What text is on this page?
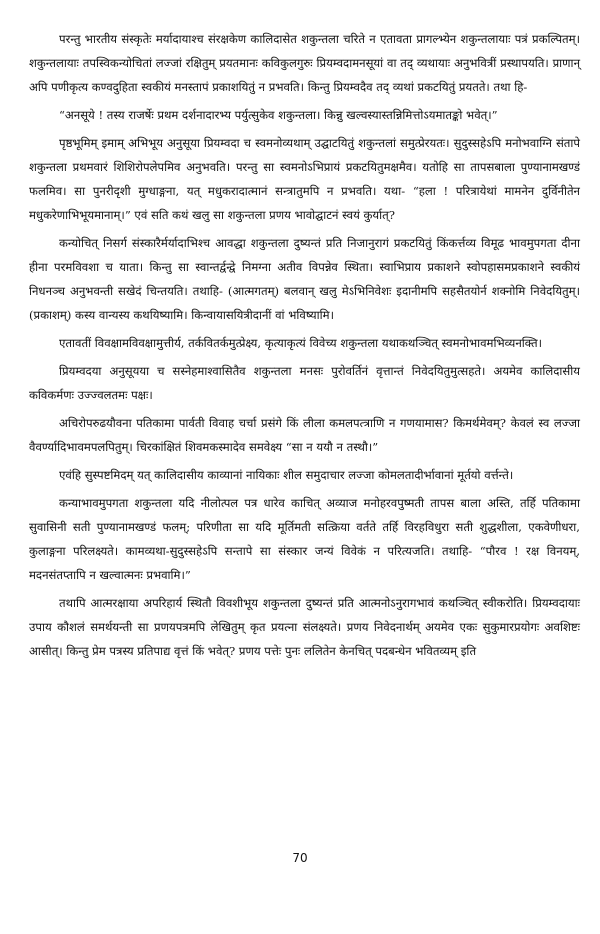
परन्तु भारतीय संस्कृतेः मर्यादायाश्च संरक्षकेण कालिदासेत शकुन्तला चरिते न एतावता प्रागल्भ्येन शकुन्तलायाः पत्रं प्रकल्पितम्। शकुन्तलायाः तपस्विकन्योचितां लज्जां रक्षितुम् प्रयतमानः कविकुलगुरुः प्रियम्वदामनसूयां वा तद् व्यथायाः अनुभवित्रीं प्रस्थापयति। प्राणान् अपि पणीकृत्य कण्वदुहिता स्वकीयं मनस्तापं प्रकाशयितुं न प्रभवति। किन्तु प्रियम्वदैव तद् व्यथां प्रकटयितुं प्रयतते। तथा हि-

“अनसूये ! तस्य राजर्षेः प्रथम दर्शनादारभ्य पर्युत्सुकेव शकुन्तला। किन्नु खल्वस्यास्तन्निमित्तोऽयमातङ्को भवेत्।”

पृष्ठभूमिम् इमाम् अभिभूय अनुसूया प्रियम्वदा च स्वमनोव्यथाम् उद्घाटयितुं शकुन्तलां समुत्प्रेरयतः। सुदुस्सहेऽपि मनोभवाग्नि संतापे शकुन्तला प्रथमवारं शिशिरोपलेपमिव अनुभवति। परन्तु सा स्वमनोऽभिप्रायं प्रकटयितुमक्षमैव। यतोहि सा तापसबाला पुण्यानामखण्डं फलमिव। सा पुनरीदृशी मुग्धाङ्गना, यत् मधुकरादात्मानं सन्त्रातुमपि न प्रभवति। यथा- “हला ! परित्रायेथां मामनेन दुर्विनीतेन मधुकरेणाभिभूयमानाम्।” एवं सति कथं खलु सा शकुन्तला प्रणय भावोद्घाटनं स्वयं कुर्यात्?

कन्योचित् निसर्ग संस्कारैर्मर्यादाभिश्च आवद्धा शकुन्तला दुष्यन्तं प्रति निजानुरागं प्रकटयितुं किंकर्त्तव्य विमूढ भावमुपगता दीना हीना परमविवशा च याता। किन्तु सा स्वान्तर्द्वन्द्वे निमग्ना अतीव विपन्नेव स्थिता। स्वाभिप्राय प्रकाशने स्वोपहासमप्रकाशने स्वकीयं निधनञ्च अनुभवन्ती सखेदं चिन्तयति। तथाहि- (आत्मगतम्) बलवान् खलु मेऽभिनिवेशः इदानीमपि सहसैतयोर्न शक्नोमि निवेदयितुम्। (प्रकाशम्) कस्य वान्यस्य कथयिष्यामि। किन्वायासयित्रीदानीं वां भविष्यामि।

एतावतीं विवक्षामविवक्षामुत्तीर्य, तर्कवितर्कमुत्प्रेक्ष्य, कृत्याकृत्यं विवेच्य शकुन्तला यथाकथञ्चित् स्वमनोभावमभिव्यनक्ति।

प्रियम्वदया अनुसूयया च सस्नेहमाश्वासितैव शकुन्तला मनसः पुरोवर्तिनं वृत्तान्तं निवेदयितुमुत्सहते। अयमेव कालिदासीय कविकर्मणः उज्ज्वलतमः पक्षः।

अचिरोपरुढयौवना पतिकामा पार्वती विवाह चर्चा प्रसंगे किं लीला कमलपत्त्राणि न गणयामास? किमर्थमेवम्? केवलं स्व लज्जा वैवर्ण्यादिभावमपलपितुम्। चिरकांक्षितं शिवमकस्मादेव समवेक्ष्य “सा न ययौ न तस्थौ।”

एवंहि सुस्पष्टमिदम् यत् कालिदासीय काव्यानां नायिकाः शील समुदाचार लज्जा कोमलतादीर्भावानां मूर्तयो वर्त्तन्ते।

कन्याभावमुपगता शकुन्तला यदि नीलोत्पल पत्र धारेव काचित् अव्याज मनोहरवपुष्मती तापस बाला अस्ति, तर्हि पतिकामा सुवासिनी सती पुण्यानामखण्डं फलम्; परिणीता सा यदि मूर्तिमती सत्क्रिया वर्तते तर्हि विरहविधुरा सती शुद्धशीला, एकवेणीधरा, कुलाङ्गना परिलक्ष्यते। कामव्यथा-सुदुस्सहेऽपि सन्तापे सा संस्कार जन्यं विवेकं न परित्यजति। तथाहि- “पौरव ! रक्ष विनयम्, मदनसंतप्तापि न खल्वात्मनः प्रभवामि।”

तथापि आत्मरक्षाया अपरिहार्य स्थितौ विवशीभूय शकुन्तला दुष्यन्तं प्रति आत्मनोऽनुरागभावं कथञ्चित् स्वीकरोति। प्रियम्वदायाः उपाय कौशलं समर्थयन्ती सा प्रणयपत्रमपि लेखितुम् कृत प्रयत्ना संलक्ष्यते। प्रणय निवेदनार्थम् अयमेव एकः सुकुमारप्रयोगः अवशिष्टः आसीत्। किन्तु प्रेम पत्रस्य प्रतिपाद्य वृत्तं किं भवेत्? प्रणय पत्तेः पुनः ललितेन केनचित् पदबन्धेन भवितव्यम् इति

70
